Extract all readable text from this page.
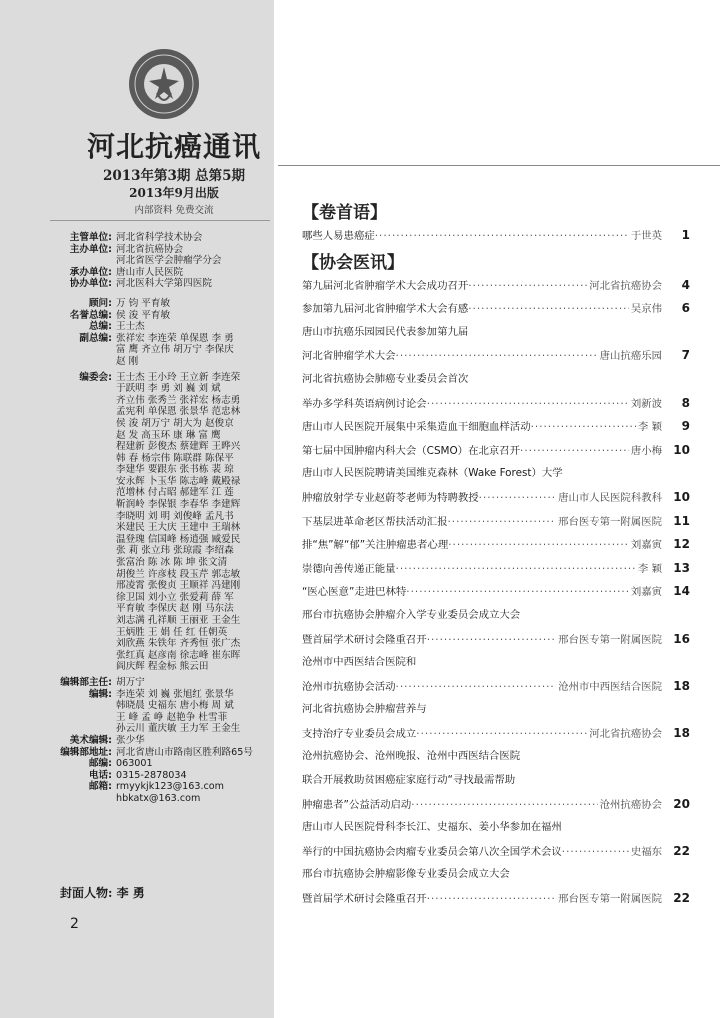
河北抗癌通讯
2013年第3期 总第5期
2013年9月出版
内部资料 免费交流
主管单位: 河北省科学技术协会
主办单位: 河北省抗癌协会
河北省医学会肿瘤学分会
承办单位: 唐山市人民医院
协办单位: 河北医科大学第四医院
顾问: 万 钧 平育敏
名誉总编: 侯 浚 平育敏
总编: 王士杰
副总编: 张祥宏 李连荣 单保恩 李 勇
富 鹰 齐立伟 胡万宁 李保庆
赵 刚
编委会: 王士杰 王小玲 王立新 李连荣
于跃明 李 勇 刘 巍 刘 斌
齐立伟 张秀兰 张祥宏 杨志勇
孟宪利 单保恩 张景华 范忠林
侯 浚 胡万宁 胡大为 赵俊京
赵 发 高玉环 康 琳 富 鹰
程建新 彭俊杰 蔡建辉 王晔兴
韩 春 杨宗伟 陈联群 陈保平
李建华 要跟东 张书栋 裴 琼
安永辉 卜玉华 陈志峰 戴殿禄
范增林 付占昭 郝建军 江 莲
靳润岭 李保银 李春华 李建辉
李晓明 刘 明 刘俊峰 孟凡书
米建民 王大庆 王建中 王瑞林
温登瑰 信国峰 杨逍强 臧爱民
张 莉 张立玮 张琼霞 李绍森
张富治 陈 冰 陈 坤 张文清
胡俊兰 许彦枝 段玉芹 郭志敏
邢凌霄 张俊贞 王顺祥 冯建刚
徐卫国 刘小立 张爱莉 薛 军
平育敏 李保庆 赵 刚 马东法
刘志满 孔祥顺 王丽亚 王金生
王炳胜 王 娟 任 红 任朝英
刘欣燕 朱铁年 齐秀恒 张广杰
张红真 赵彦南 徐志峰 崔东晖
阎庆辉 程金标 熊云田
编辑部主任: 胡万宁
编辑: 李连荣 刘 巍 张旭红 张景华
韩晓晨 史福东 唐小梅 周 斌
王 峰 孟 峥 赵艳争 杜雪菲
孙云川 董庆敏 王力军 王金生
美术编辑: 张少华
编辑部地址: 河北省唐山市路南区胜利路65号
邮编: 063001
电话: 0315-2878034
邮箱: rmyykjk123@163.com
hbkatx@163.com
封面人物: 李 勇
2
【卷首语】
哪些人易患癌症 ·····	于世英	1
【协会医讯】
第九届河北省肿瘤学术大会成功召开 ·····	河北省抗癌协会	4
参加第九届河北省肿瘤学术大会有感 ·····	吴京伟	6
唐山市抗癌乐园园民代表参加第九届
河北省肿瘤学术大会 ·····	唐山抗癌乐园	7
河北省抗癌协会肺癌专业委员会首次
举办多学科英语病例讨论会 ·····	刘新波	8
唐山市人民医院开展集中采集造血干细胞血样活动 ·····	李 颖	9
第七届中国肿瘤内科大会（CSMO）在北京召开 ·····	唐小梅 10
唐山市人民医院聘请美国维克森林（Wake Forest）大学
肿瘤放射学专业赵蔚苓老师为特聘教授 ·····	唐山市人民医院科教科 10
下基层进革命老区帮扶活动汇报 ·····	邢台医专第一附属医院 11
排“焦”解“郁”关注肿瘤患者心理 ·····	刘嘉寅 12
崇德向善传递正能量 ·····	李 颖 13
“医心医意”走进巴林特 ·····	刘嘉寅 14
邢台市抗癌协会肿瘤介入学专业委员会成立大会
暨首届学术研讨会隆重召开 ·····	邢台医专第一附属医院 16
沧州市中西医结合医院和
沧州市抗癌协会活动 ·····	沧州市中西医结合医院 18
河北省抗癌协会肿瘤营养与
支持治疗专业委员会成立 ·····	河北省抗癌协会 18
沧州抗癌协会、沧州晚报、沧州中西医结合医院
联合开展救助贫困癌症家庭行动“寻找最需帮助
肿瘤患者”公益活动启动 ·····	沧州抗癌协会 20
唐山市人民医院骨科李长江、史福东、姜小华参加在福州
举行的中国抗癌协会肉瘤专业委员会第八次全国学术会议 ·····	史福东 22
邢台市抗癌协会肿瘤影像专业委员会成立大会
暨首届学术研讨会隆重召开 ·····	邢台医专第一附属医院 22
